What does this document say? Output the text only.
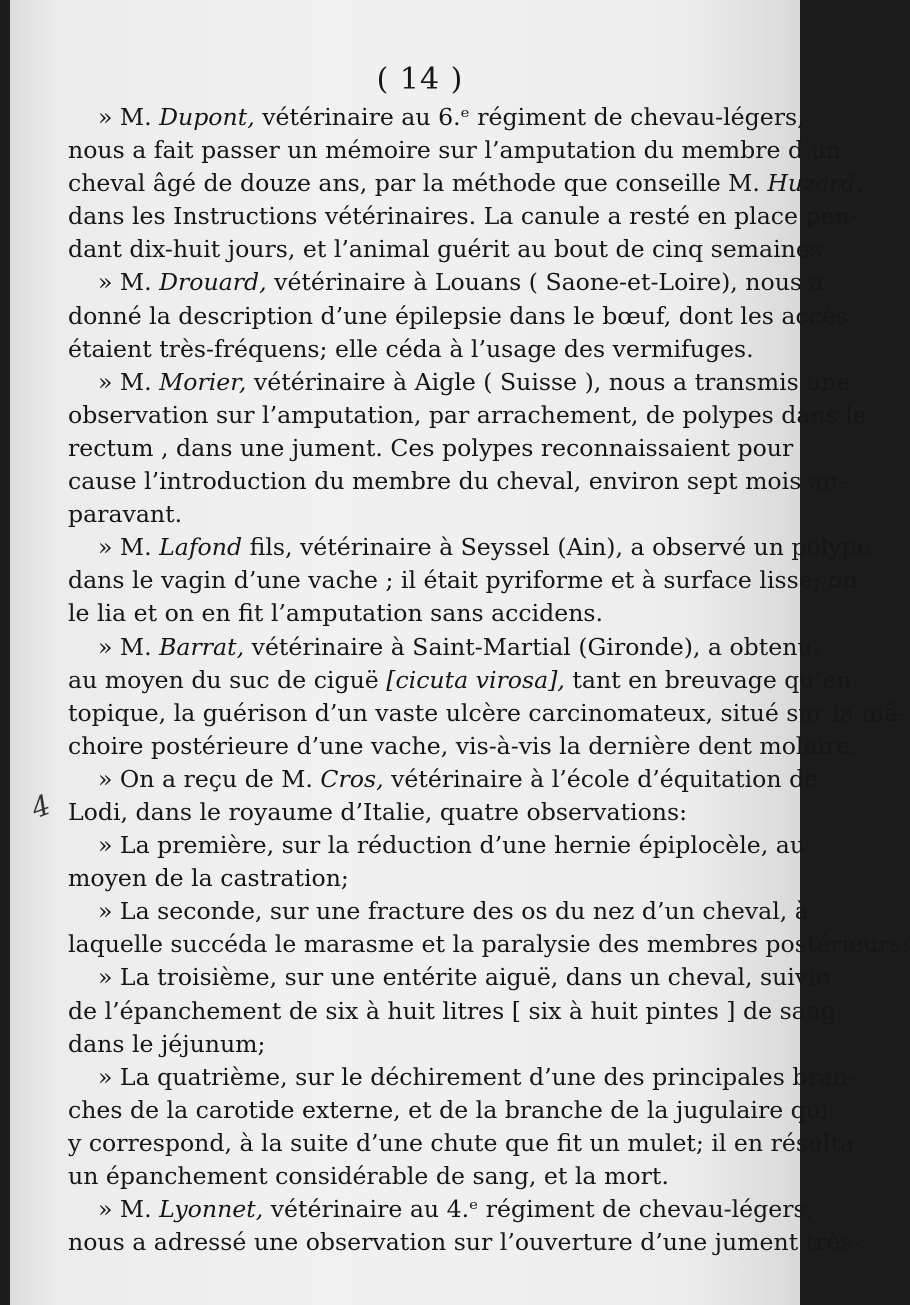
( 14 )

» M. Dupont, vétérinaire au 6.ᵉ régiment de chevau-légers,
nous a fait passer un mémoire sur l’amputation du membre d’un
cheval âgé de douze ans, par la méthode que conseille M. Huzard,
dans les Instructions vétérinaires. La canule a resté en place pen-
dant dix-huit jours, et l’animal guérit au bout de cinq semaines.

» M. Drouard, vétérinaire à Louans ( Saone-et-Loire), nous a
donné la description d’une épilepsie dans le bœuf, dont les accès
étaient très-fréquens; elle céda à l’usage des vermifuges.

» M. Morier, vétérinaire à Aigle ( Suisse ), nous a transmis une
observation sur l’amputation, par arrachement, de polypes dans le
rectum , dans une jument. Ces polypes reconnaissaient pour
cause l’introduction du membre du cheval, environ sept mois au-
paravant.

» M. Lafond fils, vétérinaire à Seyssel (Ain), a observé un polype
dans le vagin d’une vache ; il était pyriforme et à surface lisse; on
le lia et on en fit l’amputation sans accidens.

» M. Barrat, vétérinaire à Saint-Martial (Gironde), a obtenu,
au moyen du suc de ciguë [cicuta virosa], tant en breuvage qu’en
topique, la guérison d’un vaste ulcère carcinomateux, situé sur la mâ-
choire postérieure d’une vache, vis-à-vis la dernière dent molaire.

» On a reçu de M. Cros, vétérinaire à l’école d’équitation de
Lodi, dans le royaume d’Italie, quatre observations:

» La première, sur la réduction d’une hernie épiplocèle, au
moyen de la castration;

» La seconde, sur une fracture des os du nez d’un cheval, à
laquelle succéda le marasme et la paralysie des membres postérieurs;

» La troisième, sur une entérite aiguë, dans un cheval, suivie
de l’épanchement de six à huit litres [ six à huit pintes ] de sang
dans le jéjunum;

» La quatrième, sur le déchirement d’une des principales bran-
ches de la carotide externe, et de la branche de la jugulaire qui
y correspond, à la suite d’une chute que fit un mulet; il en résulta
un épanchement considérable de sang, et la mort.

» M. Lyonnet, vétérinaire au 4.ᵉ régiment de chevau-légers,
nous a adressé une observation sur l’ouverture d’une jument très-

4
